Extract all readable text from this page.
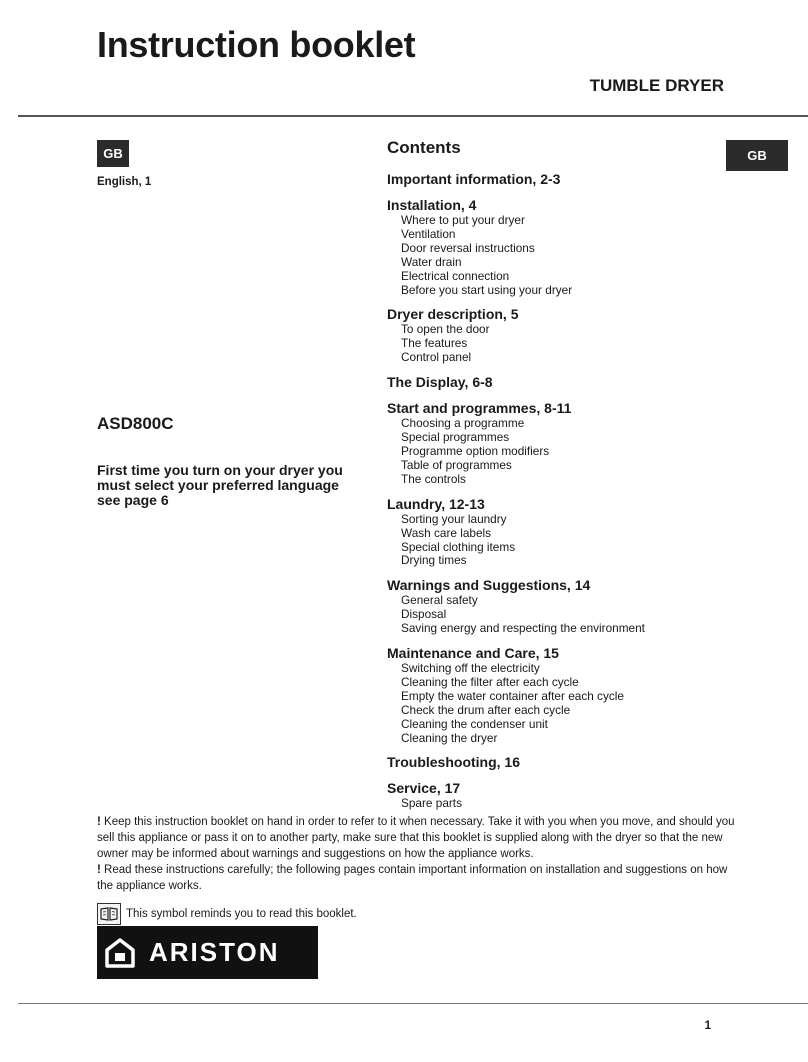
Instruction booklet
TUMBLE DRYER
GB	GB
English, 1
ASD800C
First time you turn on your dryer you must select your preferred language see page 6
Contents
Important information, 2-3
Installation, 4
Where to put your dryer
Ventilation
Door reversal instructions
Water drain
Electrical connection
Before you start using your dryer
Dryer description, 5
To open the door
The features
Control panel
The Display, 6-8
Start and programmes, 8-11
Choosing a programme
Special programmes
Programme option modifiers
Table of programmes
The controls
Laundry, 12-13
Sorting your laundry
Wash care labels
Special clothing items
Drying times
Warnings and Suggestions, 14
General safety
Disposal
Saving energy and respecting the environment
Maintenance and Care, 15
Switching off the electricity
Cleaning the filter after each cycle
Empty the water container after each cycle
Check the drum after each cycle
Cleaning the condenser unit
Cleaning the dryer
Troubleshooting, 16
Service, 17
Spare parts

! Keep this instruction booklet on hand in order to refer to it when necessary. Take it with you when you move, and should you sell this appliance or pass it on to another party, make sure that this booklet is supplied along with the dryer so that the new owner may be informed about warnings and suggestions on how the appliance works.

! Read these instructions carefully; the following pages contain important information on installation and suggestions on how the appliance works.

This symbol reminds you to read this booklet.
ARISTON
1
